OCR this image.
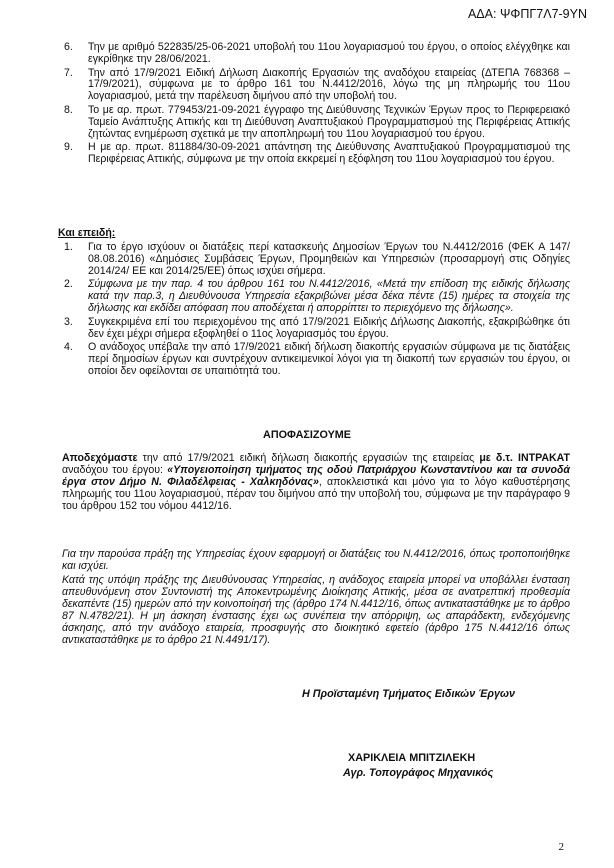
ΑΔΑ: ΨΦΠΓ7Λ7-9ΥΝ
6. Την με αριθμό 522835/25-06-2021 υποβολή του 11ου λογαριασμού του έργου, ο οποίος ελέγχθηκε και εγκρίθηκε την 28/06/2021.
7. Την από 17/9/2021 Ειδική Δήλωση Διακοπής Εργασιών της αναδόχου εταιρείας (ΔΤΕΠΑ 768368 – 17/9/2021), σύμφωνα με το άρθρο 161 του Ν.4412/2016, λόγω της μη πληρωμής του 11ου λογαριασμού, μετά την παρέλευση διμήνου από την υποβολή του.
8. Το με αρ. πρωτ. 779453/21-09-2021 έγγραφο της Διεύθυνσης Τεχνικών Έργων προς το Περιφερειακό Ταμείο Ανάπτυξης Αττικής και τη Διεύθυνση Αναπτυξιακού Προγραμματισμού της Περιφέρειας Αττικής ζητώντας ενημέρωση σχετικά με την αποπληρωμή του 11ου λογαριασμού του έργου.
9. Η με αρ. πρωτ. 811884/30-09-2021 απάντηση της Διεύθυνσης Αναπτυξιακού Προγραμματισμού της Περιφέρειας Αττικής, σύμφωνα με την οποία εκκρεμεί η εξόφληση του 11ου λογαριασμού του έργου.
Και επειδή:
1. Για το έργο ισχύουν οι διατάξεις περί κατασκευής Δημοσίων Έργων του Ν.4412/2016 (ΦΕΚ Α 147/ 08.08.2016) «Δημόσιες Συμβάσεις Έργων, Προμηθειών και Υπηρεσιών (προσαρμογή στις Οδηγίες 2014/24/ ΕΕ και 2014/25/ΕΕ) όπως ισχύει σήμερα.
2. Σύμφωνα με την παρ. 4 του άρθρου 161 του Ν.4412/2016, «Μετά την επίδοση της ειδικής δήλωσης κατά την παρ.3, η Διευθύνουσα Υπηρεσία εξακριβώνει μέσα δέκα πέντε (15) ημέρες τα στοιχεία της δήλωσης και εκδίδει απόφαση που αποδέχεται ή απορρίπτει το περιεχόμενο της δήλωσης».
3. Συγκεκριμένα επί του περιεχομένου της από 17/9/2021 Ειδικής Δήλωσης Διακοπής, εξακριβώθηκε ότι δεν έχει μέχρι σήμερα εξοφληθεί ο 11ος λογαριασμός του έργου.
4. Ο ανάδοχος υπέβαλε την από 17/9/2021 ειδική δήλωση διακοπής εργασιών σύμφωνα με τις διατάξεις περί δημοσίων έργων και συντρέχουν αντικειμενικοί λόγοι για τη διακοπή των εργασιών του έργου, οι οποίοι δεν οφείλονται σε υπαιτιότητά του.
ΑΠΟΦΑΣΙΖΟΥΜΕ
Αποδεχόμαστε την από 17/9/2021 ειδική δήλωση διακοπής εργασιών της εταιρείας με δ.τ. INTPAKAT αναδόχου του έργου: «Υπογειοποίηση τμήματος της οδού Πατριάρχου Κωνσταντίνου και τα συνοδά έργα στον Δήμο Ν. Φιλαδέλφειας - Χαλκηδόνας», αποκλειστικά και μόνο για το λόγο καθυστέρησης πληρωμής του 11ου λογαριασμού, πέραν του διμήνου από την υποβολή του, σύμφωνα με την παράγραφο 9 του άρθρου 152 του νόμου 4412/16.
Για την παρούσα πράξη της Υπηρεσίας έχουν εφαρμογή οι διατάξεις του Ν.4412/2016, όπως τροποποιήθηκε και ισχύει.
Κατά της υπόψη πράξης της Διευθύνουσας Υπηρεσίας, η ανάδοχος εταιρεία μπορεί να υποβάλλει ένσταση απευθυνόμενη στον Συντονιστή της Αποκεντρωμένης Διοίκησης Αττικής, μέσα σε ανατρεπτική προθεσμία δεκαπέντε (15) ημερών από την κοινοποίησή της (άρθρο 174 Ν.4412/16, όπως αντικαταστάθηκε με το άρθρο 87 Ν.4782/21). Η μη άσκηση ένστασης έχει ως συνέπεια την απόρριψη, ως απαράδεκτη, ενδεχόμενης άσκησης, από την ανάδοχο εταιρεία, προσφυγής στο διοικητικό εφετείο (άρθρο 175 Ν.4412/16 όπως αντικαταστάθηκε με το άρθρο 21 Ν.4491/17).
Η Προϊσταμένη Τμήματος Ειδικών Έργων
ΧΑΡΙΚΛΕΙΑ ΜΠΙΤΖΙΛΕΚΗ
Αγρ. Τοπογράφος Μηχανικός
2
